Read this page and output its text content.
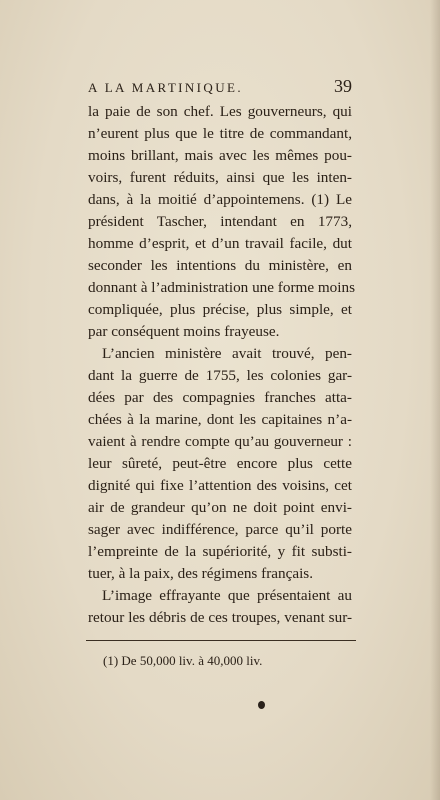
A LA MARTINIQUE.	39
la paie de son chef. Les gouverneurs, qui
n’eurent plus que le titre de commandant,
moins brillant, mais avec les mêmes pou-
voirs, furent réduits, ainsi que les inten-
dans, à la moitié d’appointemens. (1) Le
président Tascher, intendant en 1773,
homme d’esprit, et d’un travail facile, dut
seconder les intentions du ministère, en
donnant à l’administration une forme moins
compliquée, plus précise, plus simple, et
par conséquent moins frayeuse.
L’ancien ministère avait trouvé, pen-
dant la guerre de 1755, les colonies gar-
dées par des compagnies franches atta-
chées à la marine, dont les capitaines n’a-
vaient à rendre compte qu’au gouverneur :
leur sûreté, peut-être encore plus cette
dignité qui fixe l’attention des voisins, cet
air de grandeur qu’on ne doit point envi-
sager avec indifférence, parce qu’il porte
l’empreinte de la supériorité, y fit substi-
tuer, à la paix, des régimens français.
L’image effrayante que présentaient au
retour les débris de ces troupes, venant sur-
(1) De 50,000 liv. à 40,000 liv.
